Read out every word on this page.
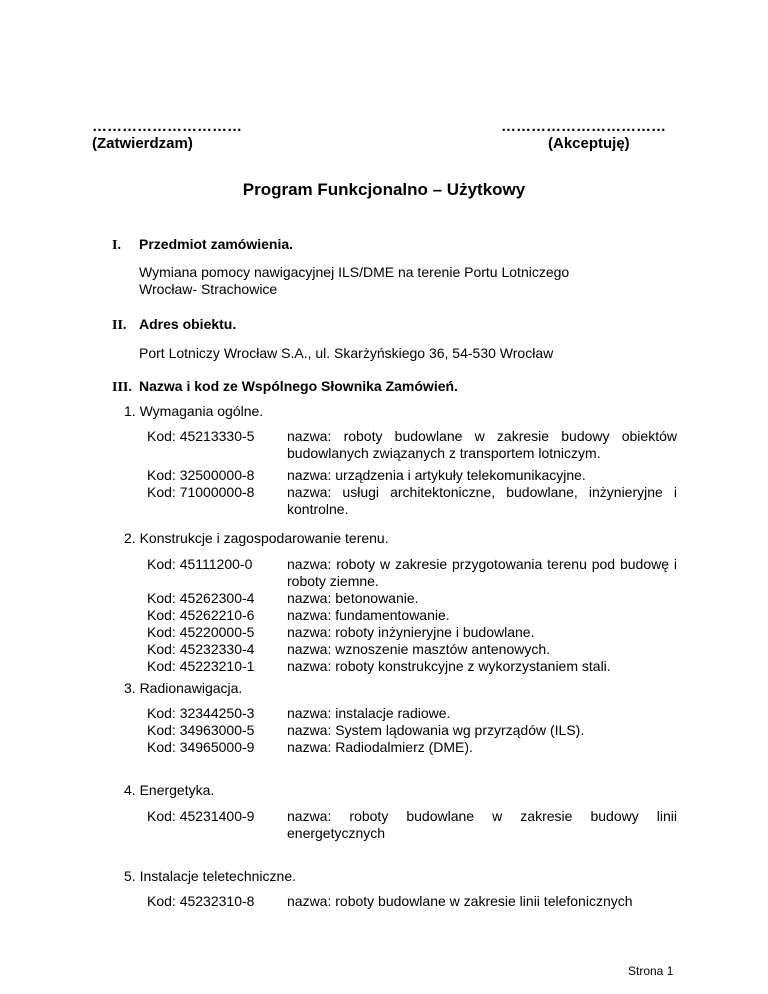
…………………………
(Zatwierdzam)
……………………………
(Akceptuję)
Program Funkcjonalno – Użytkowy
I. Przedmiot zamówienia.
Wymiana pomocy nawigacyjnej ILS/DME na terenie Portu Lotniczego
Wrocław- Strachowice
II. Adres obiektu.
Port Lotniczy Wrocław S.A., ul. Skarżyńskiego 36, 54-530 Wrocław
III. Nazwa i kod ze Wspólnego Słownika Zamówień.
1. Wymagania ogólne.
Kod: 45213330-5	nazwa: roboty budowlane w zakresie budowy obiektów budowlanych związanych z transportem lotniczym.
Kod: 32500000-8	nazwa: urządzenia i artykuły telekomunikacyjne.
Kod: 71000000-8	nazwa: usługi architektoniczne, budowlane, inżynieryjne i kontrolne.
2. Konstrukcje i zagospodarowanie terenu.
Kod: 45111200-0	nazwa: roboty w zakresie przygotowania terenu pod budowę i roboty ziemne.
Kod: 45262300-4	nazwa: betonowanie.
Kod: 45262210-6	nazwa: fundamentowanie.
Kod: 45220000-5	nazwa: roboty inżynieryjne i budowlane.
Kod: 45232330-4	nazwa: wznoszenie masztów antenowych.
Kod: 45223210-1	nazwa: roboty konstrukcyjne z wykorzystaniem stali.
3. Radionawigacja.
Kod: 32344250-3	nazwa: instalacje radiowe.
Kod: 34963000-5	nazwa: System lądowania wg przyrządów (ILS).
Kod: 34965000-9	nazwa: Radiodalmierz (DME).
4. Energetyka.
Kod: 45231400-9	nazwa: roboty budowlane w zakresie budowy linii energetycznych
5. Instalacje teletechniczne.
Kod: 45232310-8	nazwa: roboty budowlane w zakresie linii telefonicznych
Strona 1
